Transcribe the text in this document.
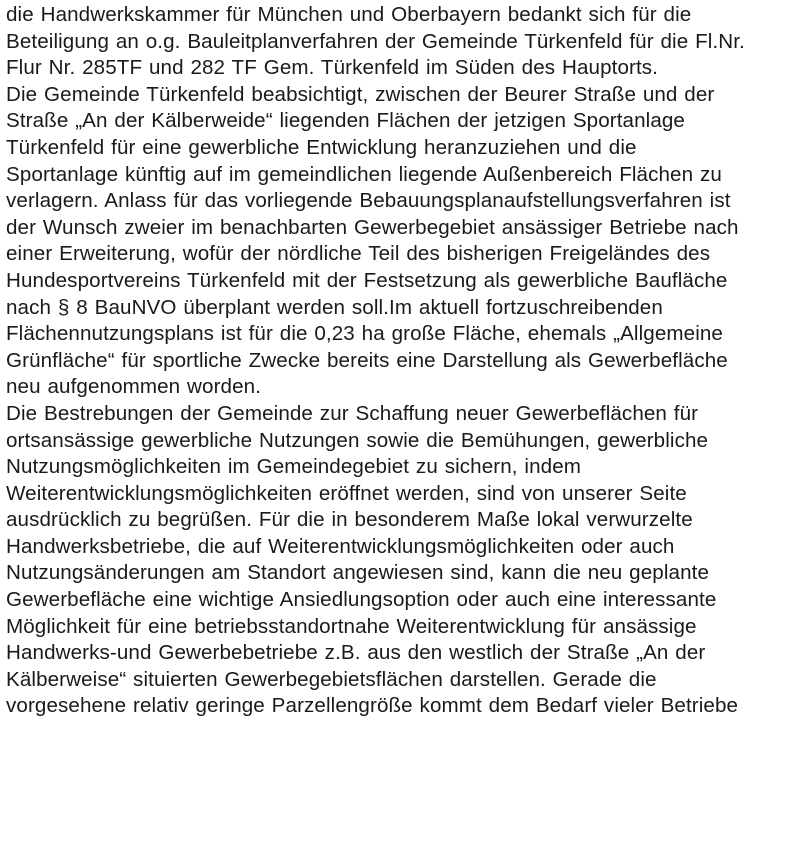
die Handwerkskammer für München und Oberbayern bedankt sich für die
Beteiligung an o.g. Bauleitplanverfahren der Gemeinde Türkenfeld für die Fl.Nr.
Flur Nr. 285TF und 282 TF Gem. Türkenfeld im Süden des Hauptorts.
Die Gemeinde Türkenfeld beabsichtigt, zwischen der Beurer Straße und der
Straße „An der Kälberweide“ liegenden Flächen der jetzigen Sportanlage
Türkenfeld für eine gewerbliche Entwicklung heranzuziehen und die
Sportanlage künftig auf im gemeindlichen liegende Außenbereich Flächen zu
verlagern. Anlass für das vorliegende Bebauungsplanaufstellungsverfahren ist
der Wunsch zweier im benachbarten Gewerbegebiet ansässiger Betriebe nach
einer Erweiterung, wofür der nördliche Teil des bisherigen Freigeländes des
Hundesportvereins Türkenfeld mit der Festsetzung als gewerbliche Baufläche
nach § 8 BauNVO überplant werden soll.Im aktuell fortzuschreibenden
Flächennutzungsplans ist für die 0,23 ha große Fläche, ehemals „Allgemeine
Grünfläche“ für sportliche Zwecke bereits eine Darstellung als Gewerbefläche
neu aufgenommen worden.
Die Bestrebungen der Gemeinde zur Schaffung neuer Gewerbeflächen für
ortsansässige gewerbliche Nutzungen sowie die Bemühungen, gewerbliche
Nutzungsmöglichkeiten im Gemeindegebiet zu sichern, indem
Weiterentwicklungsmöglichkeiten eröffnet werden, sind von unserer Seite
ausdrücklich zu begrüßen. Für die in besonderem Maße lokal verwurzelte
Handwerksbetriebe, die auf Weiterentwicklungsmöglichkeiten oder auch
Nutzungsänderungen am Standort angewiesen sind, kann die neu geplante
Gewerbefläche eine wichtige Ansiedlungsoption oder auch eine interessante
Möglichkeit für eine betriebsstandortnahe Weiterentwicklung für ansässige
Handwerks-und Gewerbebetriebe z.B. aus den westlich der Straße „An der
Kälberweise“ situierten Gewerbegebietsflächen darstellen. Gerade die
vorgesehene relativ geringe Parzellengröße kommt dem Bedarf vieler Betriebe
